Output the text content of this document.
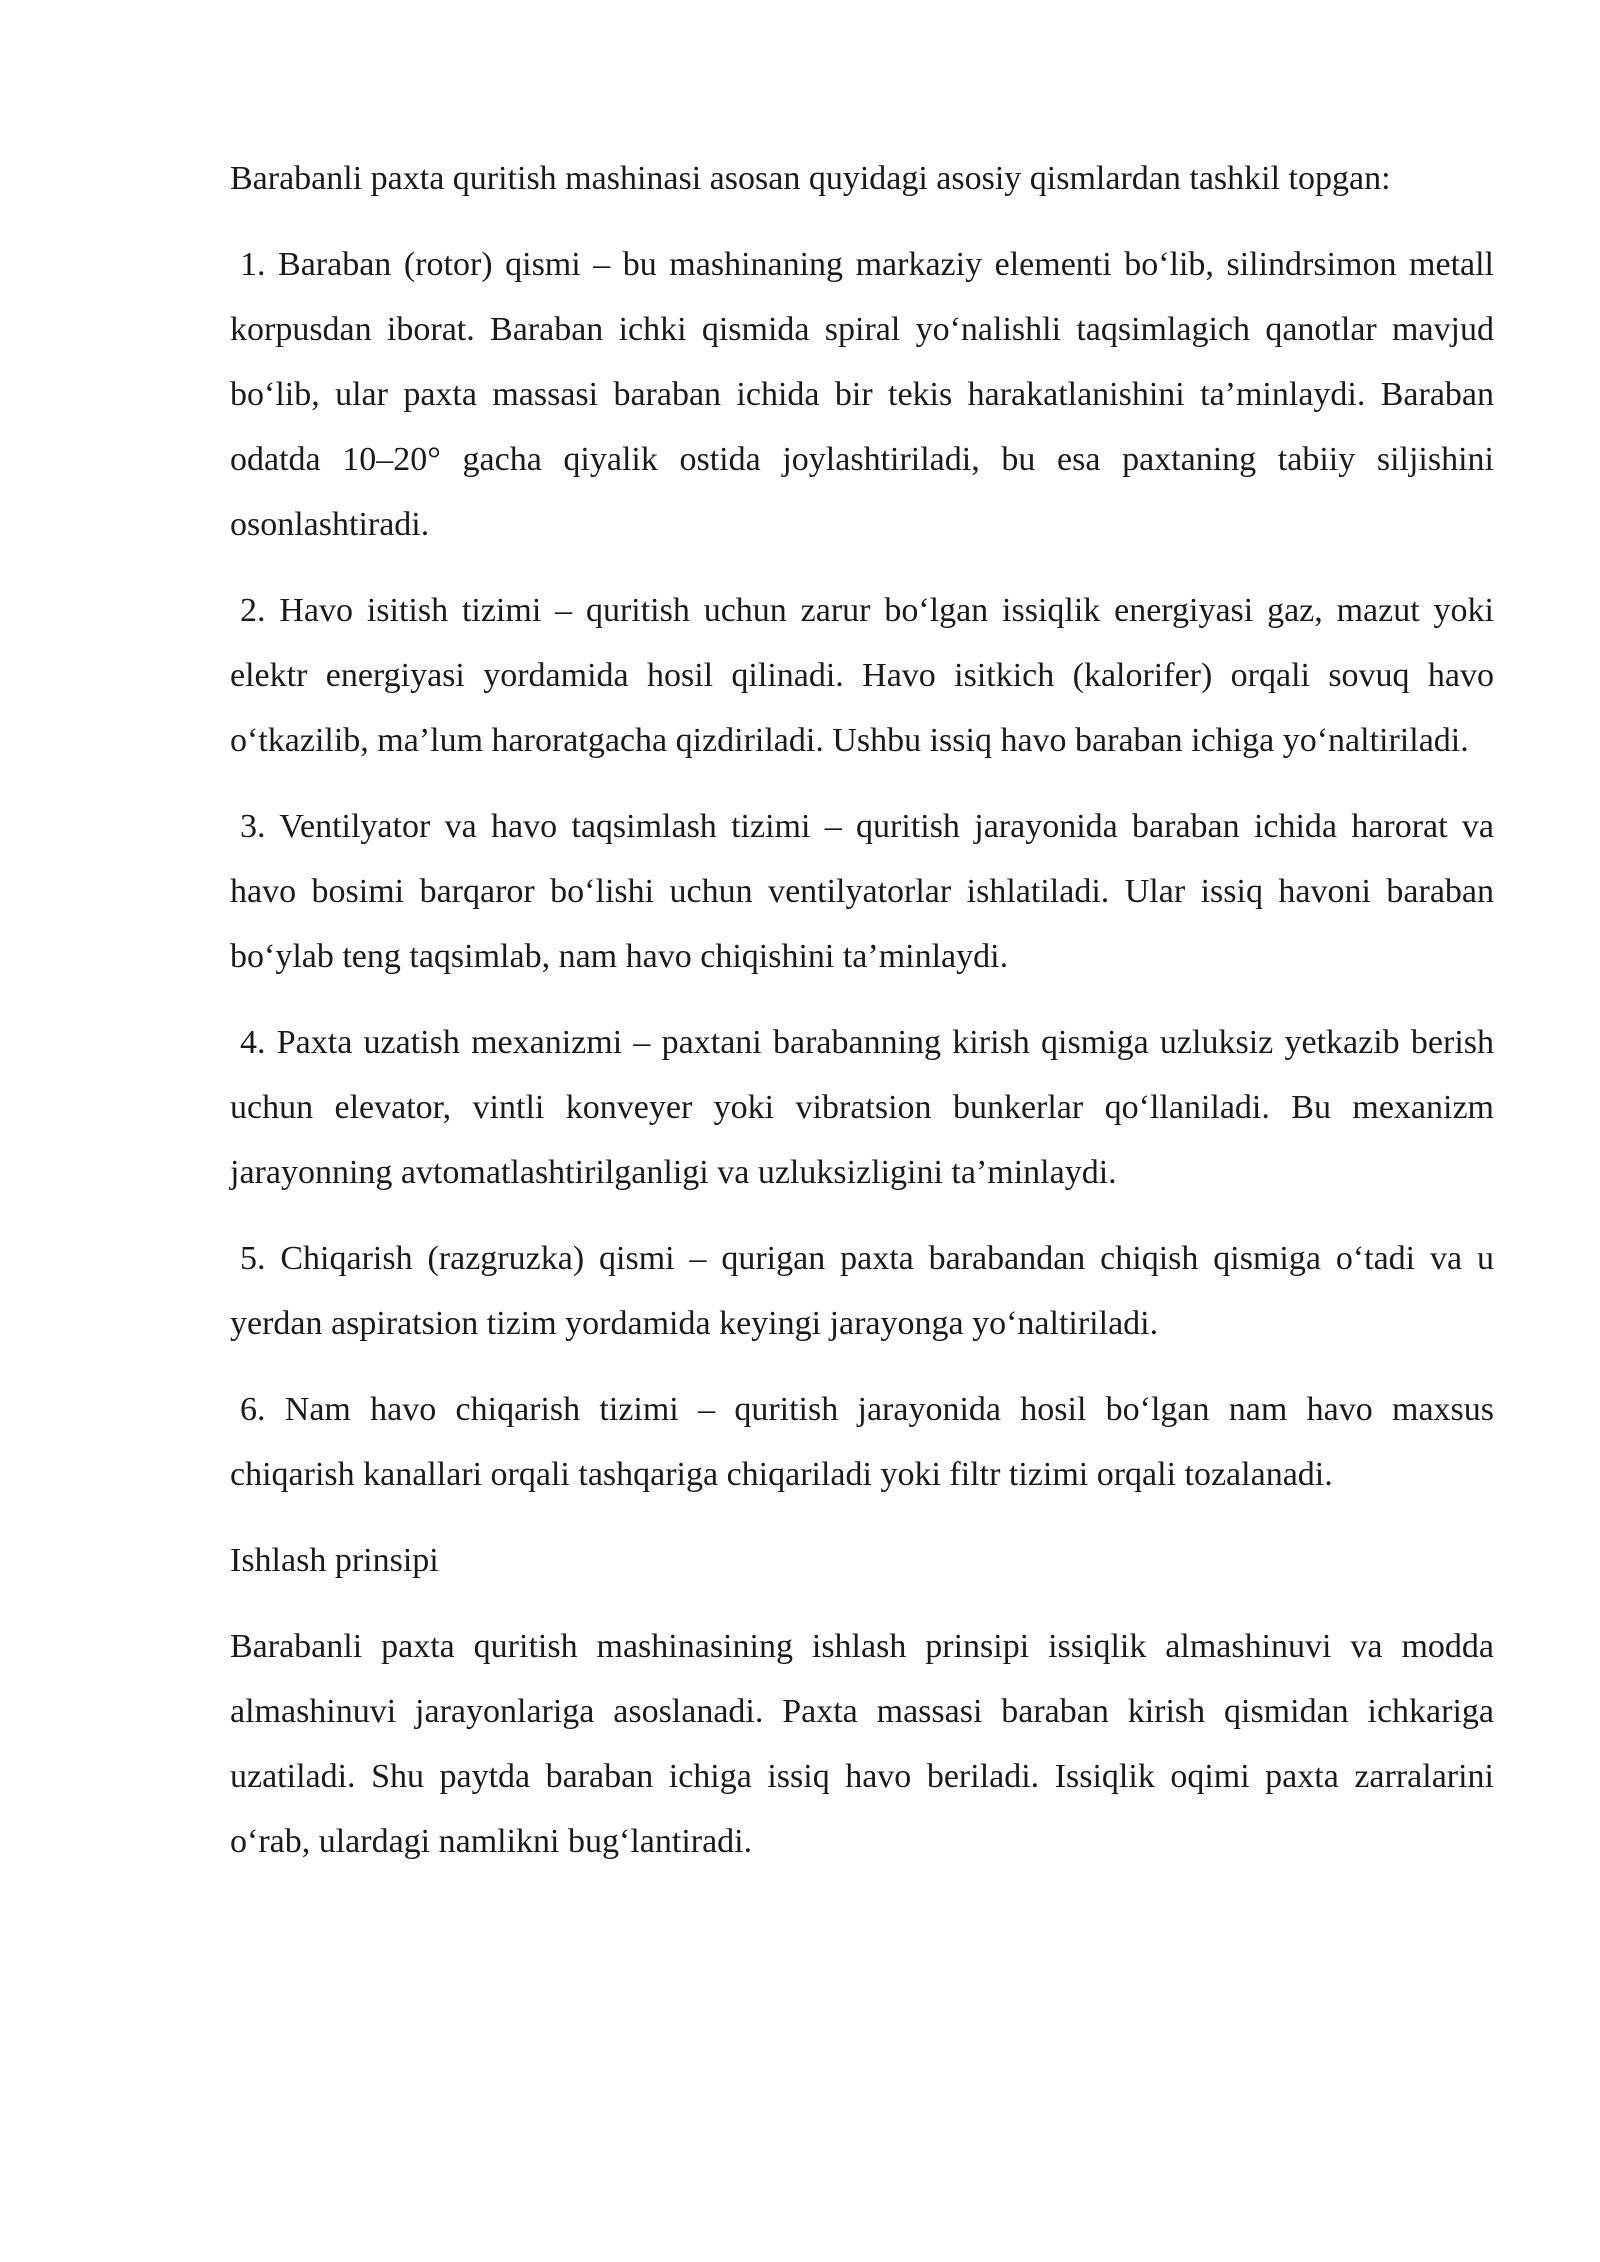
Barabanli paxta quritish mashinasi asosan quyidagi asosiy qismlardan tashkil topgan:

1. Baraban (rotor) qismi – bu mashinaning markaziy elementi bo‘lib, silindrsimon metall korpusdan iborat. Baraban ichki qismida spiral yo‘nalishli taqsimlagich qanotlar mavjud bo‘lib, ular paxta massasi baraban ichida bir tekis harakatlanishini ta’minlaydi. Baraban odatda 10–20° gacha qiyalik ostida joylashtiriladi, bu esa paxtaning tabiiy siljishini osonlashtiradi.

2. Havo isitish tizimi – quritish uchun zarur bo‘lgan issiqlik energiyasi gaz, mazut yoki elektr energiyasi yordamida hosil qilinadi. Havo isitkich (kalorifer) orqali sovuq havo o‘tkazilib, ma’lum haroratgacha qizdiriladi. Ushbu issiq havo baraban ichiga yo‘naltiriladi.

3. Ventilyator va havo taqsimlash tizimi – quritish jarayonida baraban ichida harorat va havo bosimi barqaror bo‘lishi uchun ventilyatorlar ishlatiladi. Ular issiq havoni baraban bo‘ylab teng taqsimlab, nam havo chiqishini ta’minlaydi.

4. Paxta uzatish mexanizmi – paxtani barabanning kirish qismiga uzluksiz yetkazib berish uchun elevator, vintli konveyer yoki vibratsion bunkerlar qo‘llaniladi. Bu mexanizm jarayonning avtomatlashtirilganligi va uzluksizligini ta’minlaydi.

5. Chiqarish (razgruzka) qismi – qurigan paxta barabandan chiqish qismiga o‘tadi va u yerdan aspiratsion tizim yordamida keyingi jarayonga yo‘naltiriladi.

6. Nam havo chiqarish tizimi – quritish jarayonida hosil bo‘lgan nam havo maxsus chiqarish kanallari orqali tashqariga chiqariladi yoki filtr tizimi orqali tozalanadi.

Ishlash prinsipi

Barabanli paxta quritish mashinasining ishlash prinsipi issiqlik almashinuvi va modda almashinuvi jarayonlariga asoslanadi. Paxta massasi baraban kirish qismidan ichkariga uzatiladi. Shu paytda baraban ichiga issiq havo beriladi. Issiqlik oqimi paxta zarralarini o‘rab, ulardagi namlikni bug‘lantiradi.
